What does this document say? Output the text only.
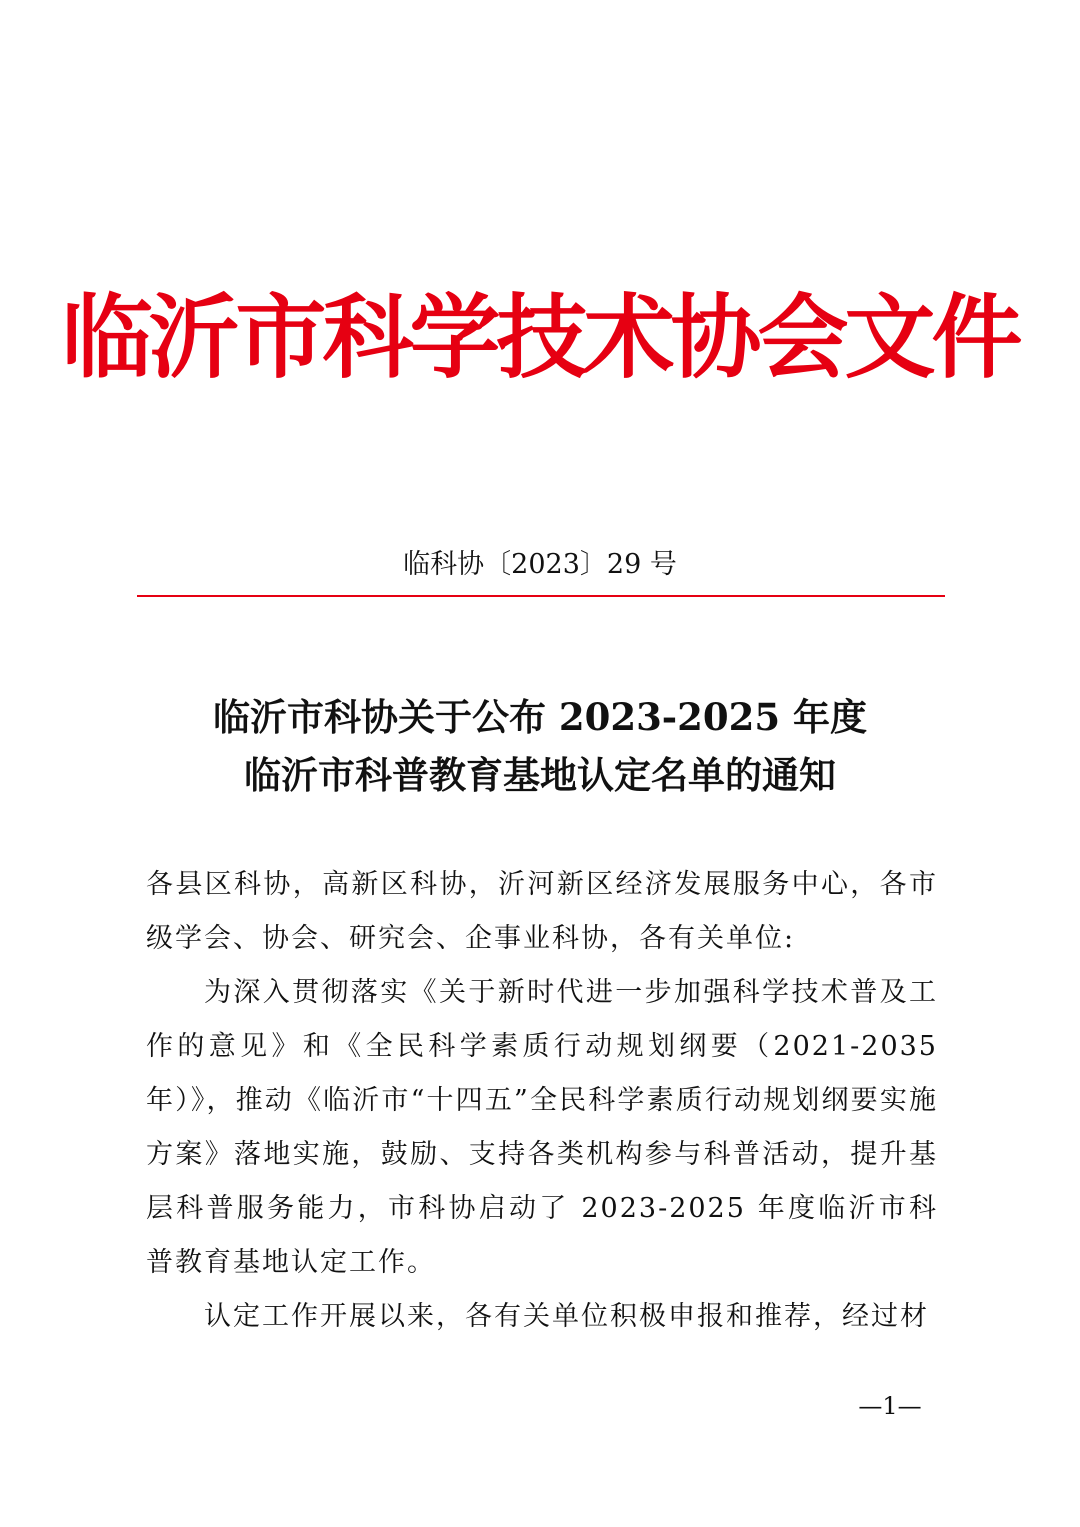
临沂市科学技术协会文件
临科协〔2023〕29 号
临沂市科协关于公布 2023-2025 年度
临沂市科普教育基地认定名单的通知

各县区科协，高新区科协，沂河新区经济发展服务中心，各市级学会、协会、研究会、企事业科协，各有关单位:

为深入贯彻落实《关于新时代进一步加强科学技术普及工作的意见》和《全民科学素质行动规划纲要（2021-2035 年）》，推动《临沂市“十四五”全民科学素质行动规划纲要实施方案》落地实施，鼓励、支持各类机构参与科普活动，提升基层科普服务能力，市科协启动了 2023-2025 年度临沂市科普教育基地认定工作。

认定工作开展以来，各有关单位积极申报和推荐，经过材

—1—
